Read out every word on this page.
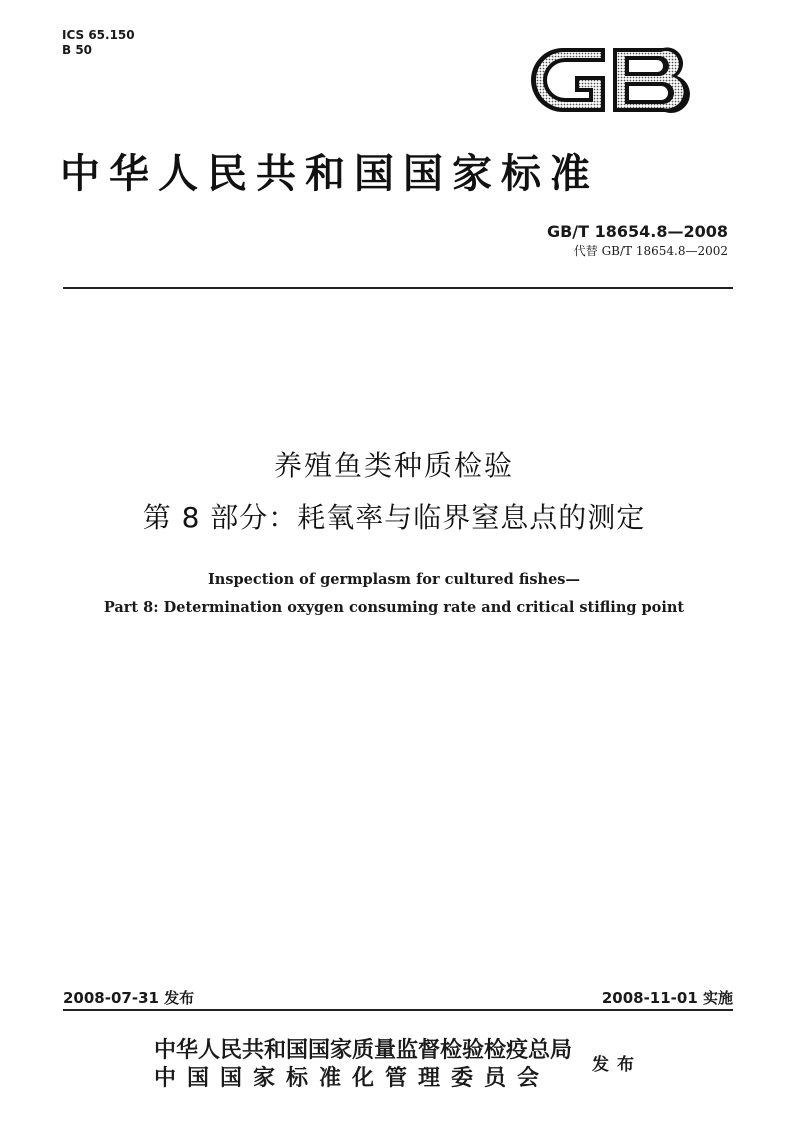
ICS 65.150
B 50
中华人民共和国国家标准
GB/T 18654.8—2008
代替 GB/T 18654.8—2002
养殖鱼类种质检验
第 8 部分：耗氧率与临界窒息点的测定
Inspection of germplasm for cultured fishes—
Part 8: Determination oxygen consuming rate and critical stifling point
2008-07-31 发布	2008-11-01 实施
中华人民共和国国家质量监督检验检疫总局
中国国家标准化管理委员会 发布
